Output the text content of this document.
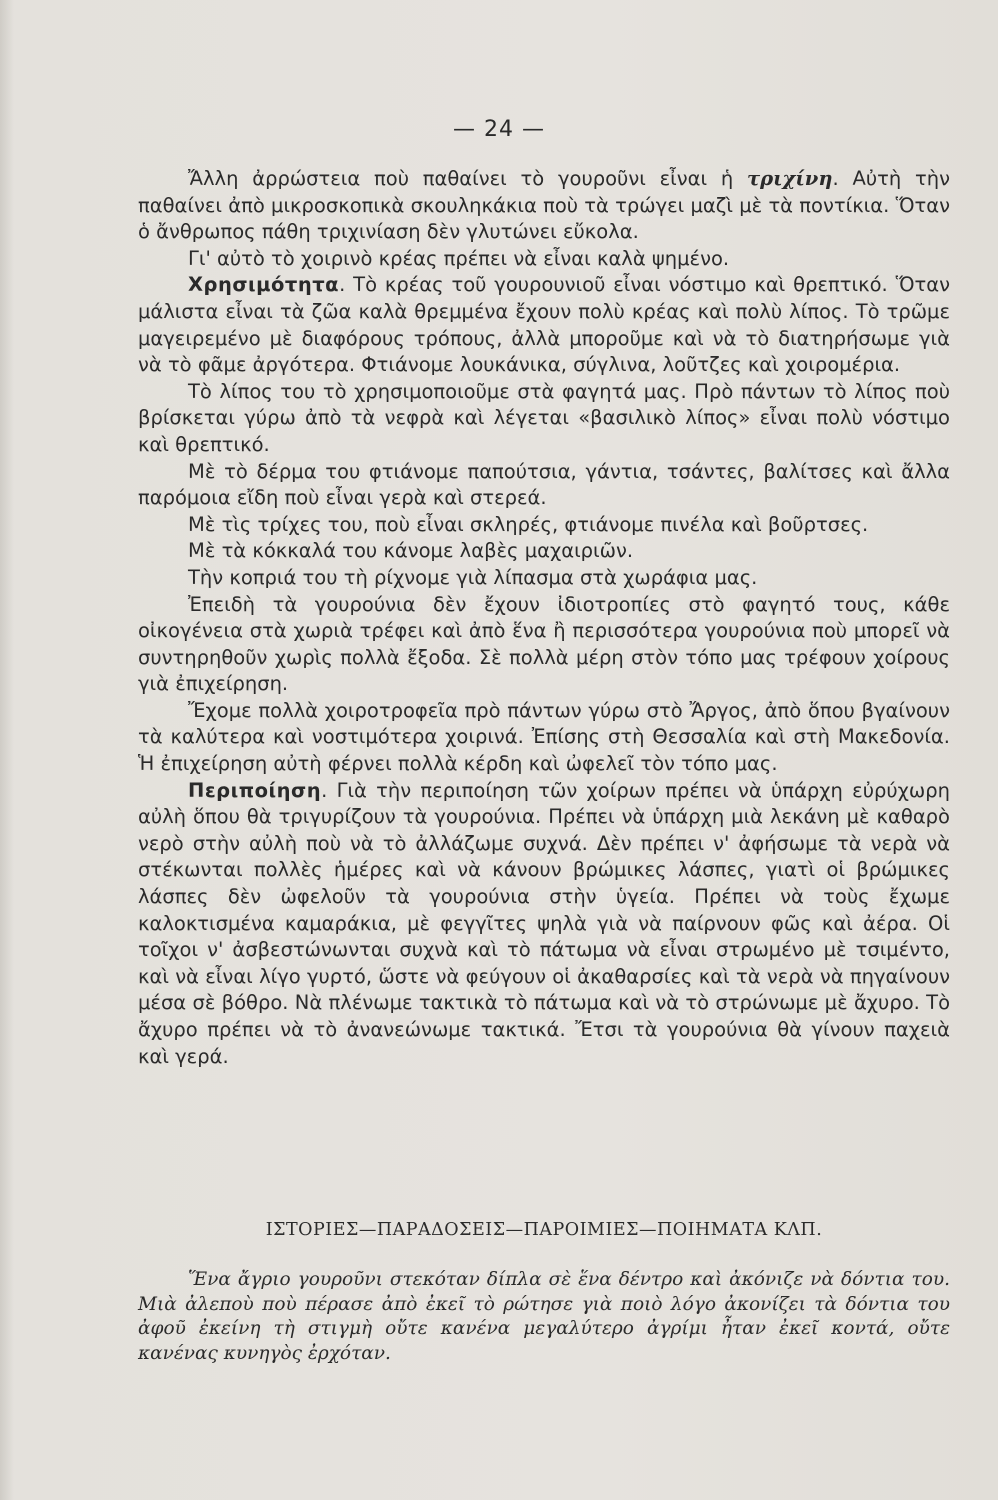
— 24 —

Ἄλλη ἀρρώστεια ποὺ παθαίνει τὸ γουροῦνι εἶναι ἡ τριχίνη. Αὐτὴ τὴν παθαίνει ἀπὸ μικροσκοπικὰ σκουληκάκια ποὺ τὰ τρώγει μαζὶ μὲ τὰ ποντίκια. Ὅταν ὁ ἄνθρωπος πάθη τριχινίαση δὲν γλυτώνει εὔκολα.

Γι' αὐτὸ τὸ χοιρινὸ κρέας πρέπει νὰ εἶναι καλὰ ψημένο.

Χρησιμότητα. Τὸ κρέας τοῦ γουρουνιοῦ εἶναι νόστιμο καὶ θρεπτικό. Ὅταν μάλιστα εἶναι τὰ ζῶα καλὰ θρεμμένα ἔχουν πολὺ κρέας καὶ πολὺ λίπος. Τὸ τρῶμε μαγειρεμένο μὲ διαφόρους τρόπους, ἀλλὰ μποροῦμε καὶ νὰ τὸ διατηρήσωμε γιὰ νὰ τὸ φᾶμε ἀργότερα. Φτιάνομε λουκάνικα, σύγλινα, λοῦτζες καὶ χοιρομέρια.

Τὸ λίπος του τὸ χρησιμοποιοῦμε στὰ φαγητά μας. Πρὸ πάντων τὸ λίπος ποὺ βρίσκεται γύρω ἀπὸ τὰ νεφρὰ καὶ λέγεται «βασιλικὸ λίπος» εἶναι πολὺ νόστιμο καὶ θρεπτικό.

Μὲ τὸ δέρμα του φτιάνομε παπούτσια, γάντια, τσάντες, βαλίτσες καὶ ἄλλα παρόμοια εἴδη ποὺ εἶναι γερὰ καὶ στερεά.

Μὲ τὶς τρίχες του, ποὺ εἶναι σκληρές, φτιάνομε πινέλα καὶ βοῦρτσες.

Μὲ τὰ κόκκαλά του κάνομε λαβὲς μαχαιριῶν.

Τὴν κοπριά του τὴ ρίχνομε γιὰ λίπασμα στὰ χωράφια μας.

Ἐπειδὴ τὰ γουρούνια δὲν ἔχουν ἰδιοτροπίες στὸ φαγητό τους, κάθε οἰκογένεια στὰ χωριὰ τρέφει καὶ ἀπὸ ἕνα ἢ περισσότερα γουρούνια ποὺ μπορεῖ νὰ συντηρηθοῦν χωρὶς πολλὰ ἔξοδα. Σὲ πολλὰ μέρη στὸν τόπο μας τρέφουν χοίρους γιὰ ἐπιχείρηση.

Ἔχομε πολλὰ χοιροτροφεῖα πρὸ πάντων γύρω στὸ Ἄργος, ἀπὸ ὅπου βγαίνουν τὰ καλύτερα καὶ νοστιμότερα χοιρινά. Ἐπίσης στὴ Θεσσαλία καὶ στὴ Μακεδονία. Ἡ ἐπιχείρηση αὐτὴ φέρνει πολλὰ κέρδη καὶ ὠφελεῖ τὸν τόπο μας.

Περιποίηση. Γιὰ τὴν περιποίηση τῶν χοίρων πρέπει νὰ ὑπάρχη εὐρύχωρη αὐλὴ ὅπου θὰ τριγυρίζουν τὰ γουρούνια. Πρέπει νὰ ὑπάρχη μιὰ λεκάνη μὲ καθαρὸ νερὸ στὴν αὐλὴ ποὺ νὰ τὸ ἀλλάζωμε συχνά. Δὲν πρέπει ν' ἀφήσωμε τὰ νερὰ νὰ στέκωνται πολλὲς ἡμέρες καὶ νὰ κάνουν βρώμικες λάσπες, γιατὶ οἱ βρώμικες λάσπες δὲν ὠφελοῦν τὰ γουρούνια στὴν ὑγεία. Πρέπει νὰ τοὺς ἔχωμε καλοκτισμένα καμαράκια, μὲ φεγγῖτες ψηλὰ γιὰ νὰ παίρνουν φῶς καὶ ἀέρα. Οἱ τοῖχοι ν' ἀσβεστώνωνται συχνὰ καὶ τὸ πάτωμα νὰ εἶναι στρωμένο μὲ τσιμέντο, καὶ νὰ εἶναι λίγο γυρτό, ὥστε νὰ φεύγουν οἱ ἀκαθαρσίες καὶ τὰ νερὰ νὰ πηγαίνουν μέσα σὲ βόθρο. Νὰ πλένωμε τακτικὰ τὸ πάτωμα καὶ νὰ τὸ στρώνωμε μὲ ἄχυρο. Τὸ ἄχυρο πρέπει νὰ τὸ ἀνανεώνωμε τακτικά. Ἔτσι τὰ γουρούνια θὰ γίνουν παχειὰ καὶ γερά.

ΙΣΤΟΡΙΕΣ—ΠΑΡΑΔΟΣΕΙΣ—ΠΑΡΟΙΜΙΕΣ—ΠΟΙΗΜΑΤΑ ΚΛΠ.

Ἕνα ἄγριο γουροῦνι στεκόταν δίπλα σὲ ἕνα δέντρο καὶ ἀκόνιζε νὰ δόντια του. Μιὰ ἀλεποὺ ποὺ πέρασε ἀπὸ ἐκεῖ τὸ ρώτησε γιὰ ποιὸ λόγο ἀκονίζει τὰ δόντια του ἀφοῦ ἐκείνη τὴ στιγμὴ οὔτε κανένα μεγαλύτερο ἀγρίμι ἦταν ἐκεῖ κοντά, οὔτε κανένας κυνηγὸς ἐρχόταν.
